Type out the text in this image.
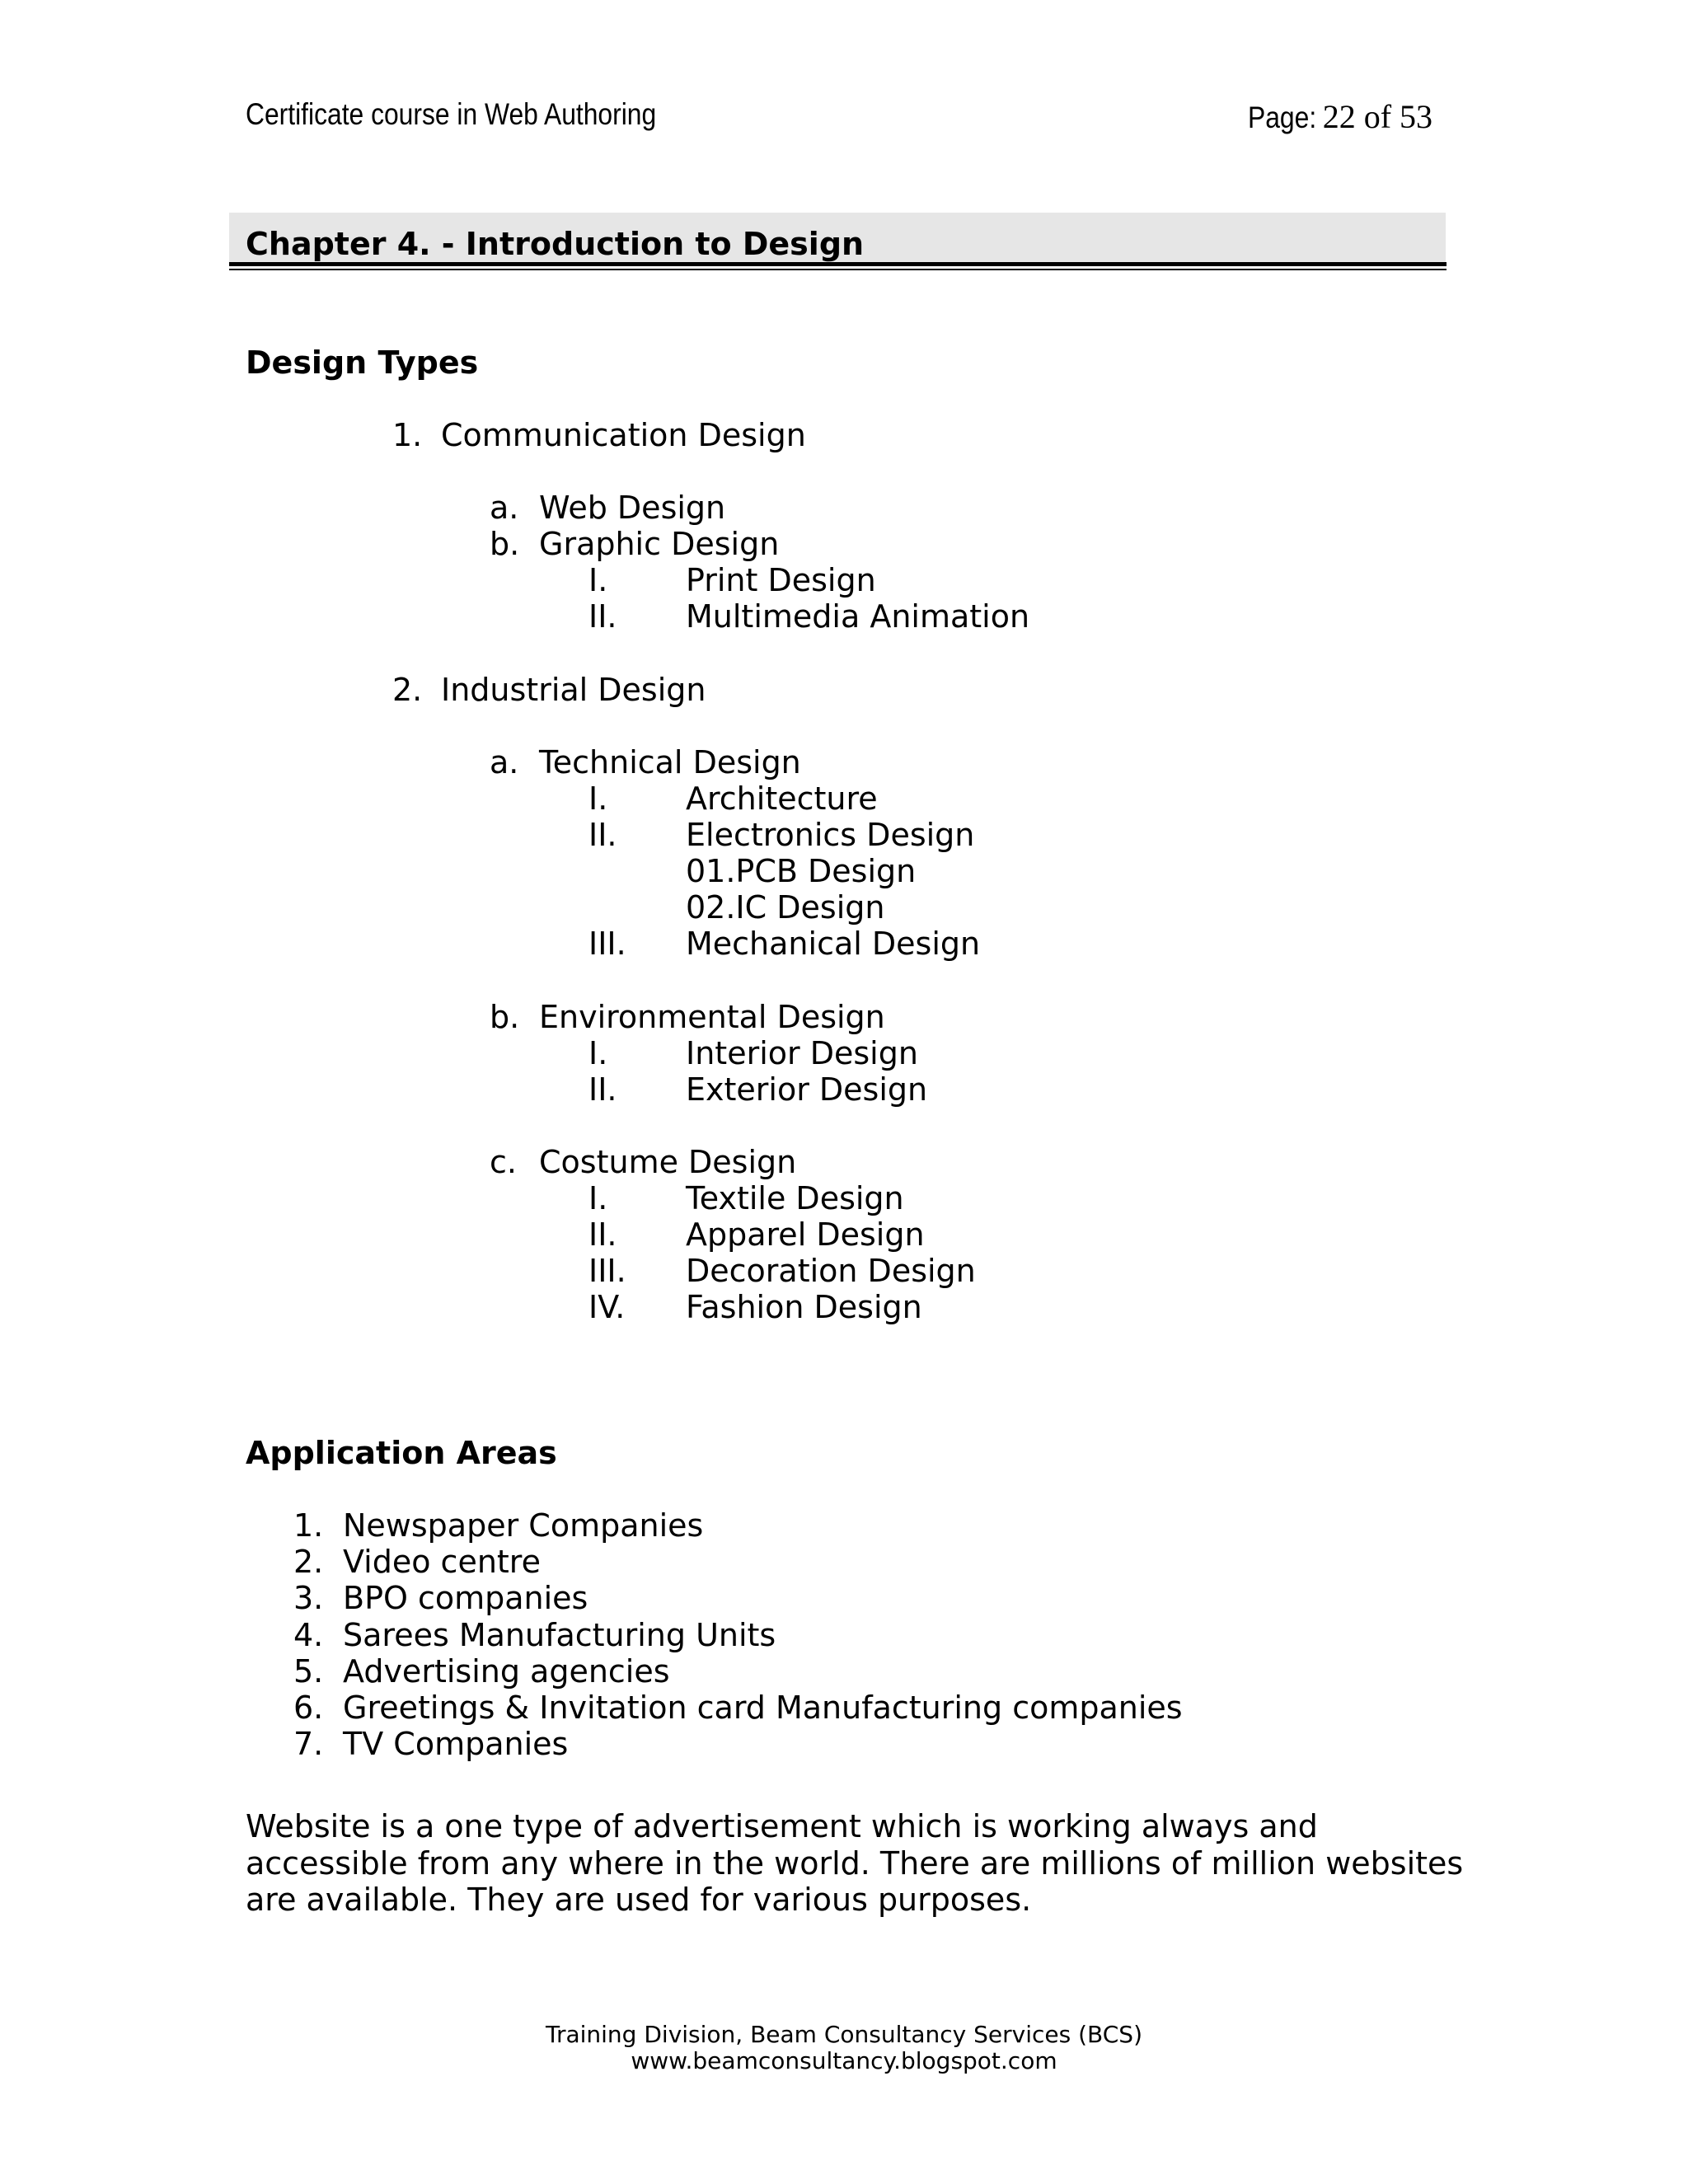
Certificate course in Web Authoring	Page: 22 of 53
Chapter 4. - Introduction to Design
Design Types
1. Communication Design
a. Web Design
b. Graphic Design
I. Print Design
II. Multimedia Animation
2. Industrial Design
a. Technical Design
I. Architecture
II. Electronics Design
01.PCB Design
02.IC Design
III. Mechanical Design
b. Environmental Design
I. Interior Design
II. Exterior Design
c. Costume Design
I. Textile Design
II. Apparel Design
III. Decoration Design
IV. Fashion Design
Application Areas
1. Newspaper Companies
2. Video centre
3. BPO companies
4. Sarees Manufacturing Units
5. Advertising agencies
6. Greetings & Invitation card Manufacturing companies
7. TV Companies
Website is a one type of advertisement which is working always and accessible from any where in the world. There are millions of million websites are available. They are used for various purposes.
Training Division, Beam Consultancy Services (BCS)
www.beamconsultancy.blogspot.com
